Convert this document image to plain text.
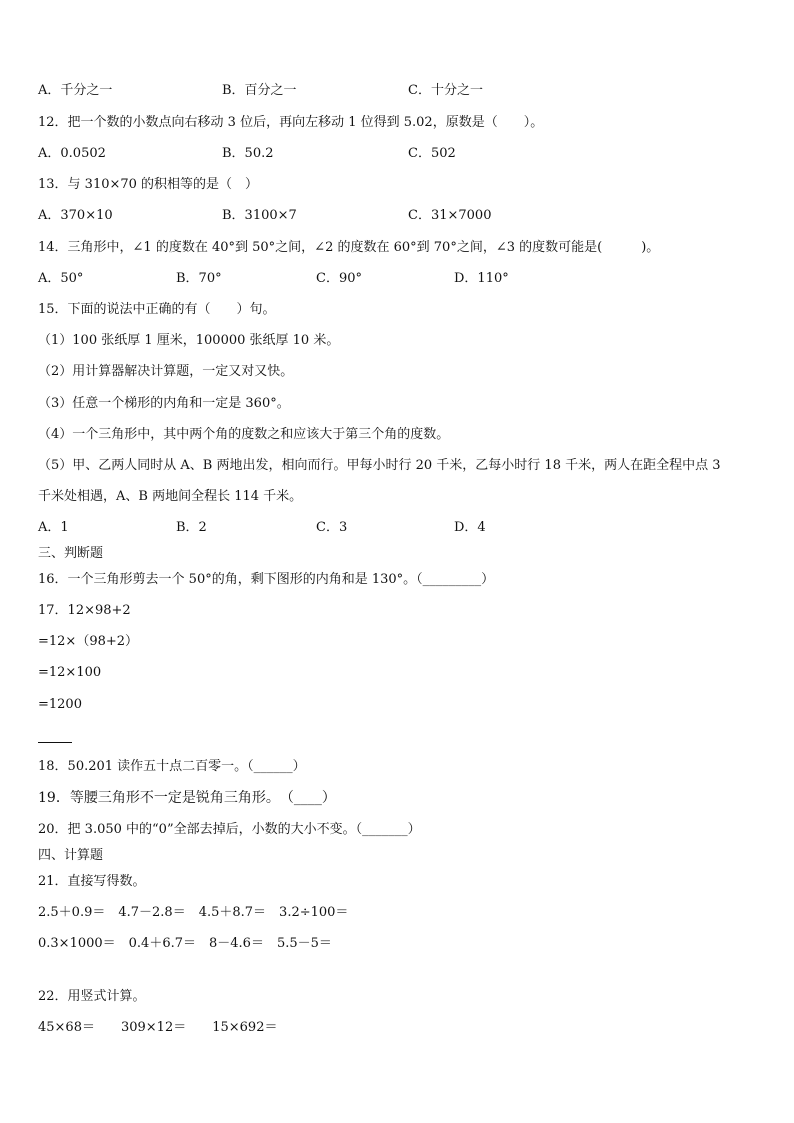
A．千分之一	B．百分之一	C．十分之一
12．把一个数的小数点向右移动 3 位后，再向左移动 1 位得到 5.02，原数是（　　）。
A．0.0502	B．50.2	C．502
13．与 310×70 的积相等的是（　）
A．370×10	B．3100×7	C．31×7000
14．三角形中，∠1 的度数在 40°到 50°之间，∠2 的度数在 60°到 70°之间，∠3 的度数可能是(　　　)。
A．50°	B．70°	C．90°	D．110°
15．下面的说法中正确的有（　　）句。
（1）100 张纸厚 1 厘米，100000 张纸厚 10 米。
（2）用计算器解决计算题，一定又对又快。
（3）任意一个梯形的内角和一定是 360°。
（4）一个三角形中，其中两个角的度数之和应该大于第三个角的度数。
（5）甲、乙两人同时从 A、B 两地出发，相向而行。甲每小时行 20 千米，乙每小时行 18 千米，两人在距全程中点 3
千米处相遇，A、B 两地间全程长 114 千米。
A．1	B．2	C．3	D．4
三、判断题
16．一个三角形剪去一个 50°的角，剩下图形的内角和是 130°。（_________）
17．12×98+2
=12×（98+2）
=12×100
=1200
18．50.201 读作五十点二百零一。（______）
19．等腰三角形不一定是锐角三角形。　（____）
20．把 3.050 中的“0”全部去掉后，小数的大小不变。（_______）
四、计算题
21．直接写得数。
2.5＋0.9＝　4.7－2.8＝　4.5＋8.7＝　3.2÷100＝
0.3×1000＝　0.4＋6.7＝　8－4.6＝　5.5－5＝
22．用竖式计算。
45×68＝　　309×12＝　　15×692＝
